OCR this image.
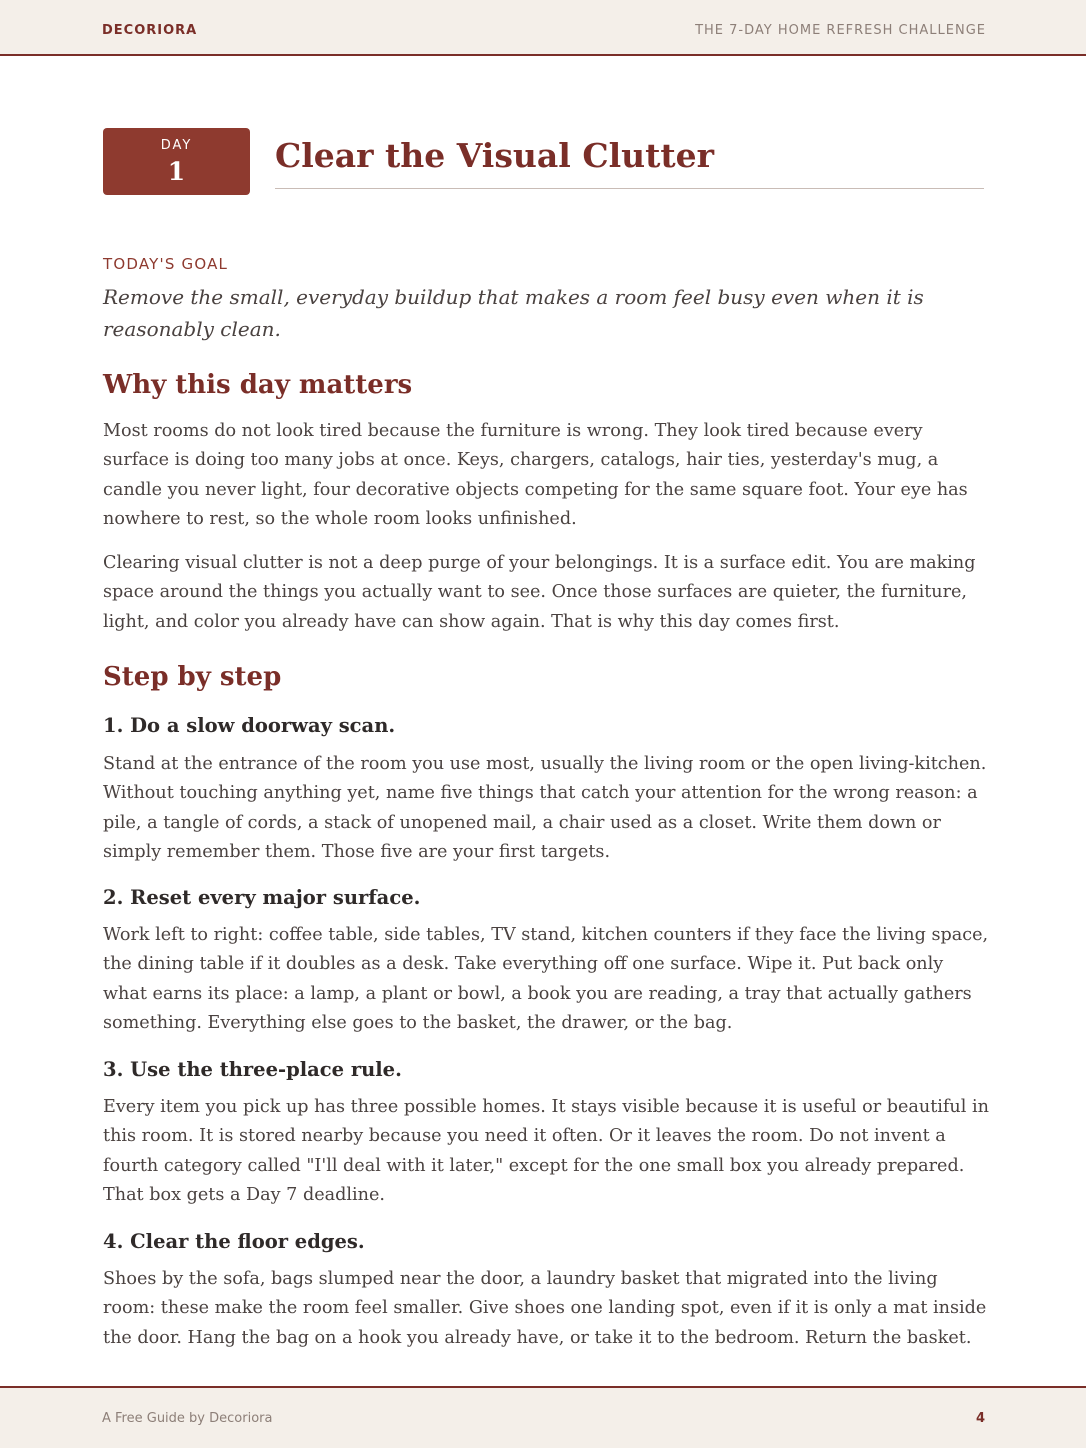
DECORIORA	THE 7-DAY HOME REFRESH CHALLENGE
DAY
1	Clear the Visual Clutter
TODAY'S GOAL
Remove the small, everyday buildup that makes a room feel busy even when it is reasonably clean.
Why this day matters

Most rooms do not look tired because the furniture is wrong. They look tired because every surface is doing too many jobs at once. Keys, chargers, catalogs, hair ties, yesterday's mug, a candle you never light, four decorative objects competing for the same square foot. Your eye has nowhere to rest, so the whole room looks unfinished.

Clearing visual clutter is not a deep purge of your belongings. It is a surface edit. You are making space around the things you actually want to see. Once those surfaces are quieter, the furniture, light, and color you already have can show again. That is why this day comes first.

Step by step
1. Do a slow doorway scan.

Stand at the entrance of the room you use most, usually the living room or the open living-kitchen. Without touching anything yet, name five things that catch your attention for the wrong reason: a pile, a tangle of cords, a stack of unopened mail, a chair used as a closet. Write them down or simply remember them. Those five are your first targets.

2. Reset every major surface.

Work left to right: coffee table, side tables, TV stand, kitchen counters if they face the living space, the dining table if it doubles as a desk. Take everything off one surface. Wipe it. Put back only what earns its place: a lamp, a plant or bowl, a book you are reading, a tray that actually gathers something. Everything else goes to the basket, the drawer, or the bag.

3. Use the three-place rule.

Every item you pick up has three possible homes. It stays visible because it is useful or beautiful in this room. It is stored nearby because you need it often. Or it leaves the room. Do not invent a fourth category called "I'll deal with it later," except for the one small box you already prepared. That box gets a Day 7 deadline.

4. Clear the floor edges.

Shoes by the sofa, bags slumped near the door, a laundry basket that migrated into the living room: these make the room feel smaller. Give shoes one landing spot, even if it is only a mat inside the door. Hang the bag on a hook you already have, or take it to the bedroom. Return the basket.

A Free Guide by Decoriora	4
